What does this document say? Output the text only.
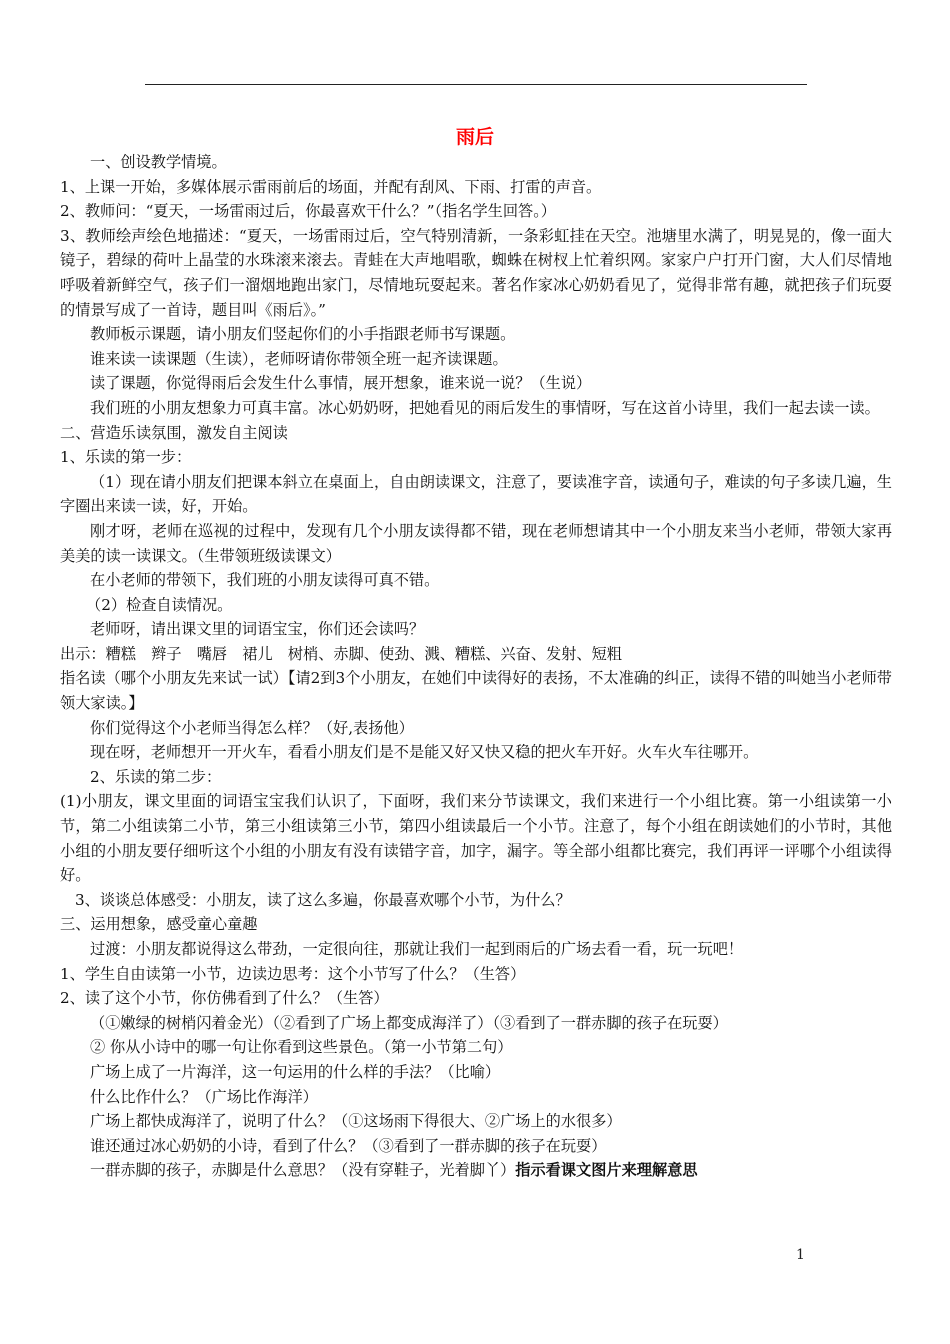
雨后

一、创设教学情境。

1、上课一开始，多媒体展示雷雨前后的场面，并配有刮风、下雨、打雷的声音。

2、教师问：“夏天，一场雷雨过后，你最喜欢干什么？”（指名学生回答。）

3、教师绘声绘色地描述：“夏天，一场雷雨过后，空气特别清新，一条彩虹挂在天空。池塘里水满了，明晃晃的，像一面大镜子，碧绿的荷叶上晶莹的水珠滚来滚去。青蛙在大声地唱歌，蜘蛛在树杈上忙着织网。家家户户打开门窗，大人们尽情地呼吸着新鲜空气，孩子们一溜烟地跑出家门，尽情地玩耍起来。著名作家冰心奶奶看见了，觉得非常有趣，就把孩子们玩耍的情景写成了一首诗，题目叫《雨后》。”

教师板示课题，请小朋友们竖起你们的小手指跟老师书写课题。

谁来读一读课题（生读），老师呀请你带领全班一起齐读课题。

读了课题，你觉得雨后会发生什么事情，展开想象，谁来说一说？（生说）

我们班的小朋友想象力可真丰富。冰心奶奶呀，把她看见的雨后发生的事情呀，写在这首小诗里，我们一起去读一读。

二、营造乐读氛围，激发自主阅读

1、乐读的第一步：

（1）现在请小朋友们把课本斜立在桌面上，自由朗读课文，注意了，要读准字音，读通句子，难读的句子多读几遍，生字圈出来读一读，好，开始。

刚才呀，老师在巡视的过程中，发现有几个小朋友读得都不错，现在老师想请其中一个小朋友来当小老师，带领大家再美美的读一读课文。（生带领班级读课文）

在小老师的带领下，我们班的小朋友读得可真不错。

（2）检查自读情况。

老师呀，请出课文里的词语宝宝，你们还会读吗？

出示：糟糕　辫子　嘴唇　裙儿　树梢、赤脚、使劲、溅、糟糕、兴奋、发射、短粗

指名读（哪个小朋友先来试一试）【请2到3个小朋友，在她们中读得好的表扬，不太准确的纠正，读得不错的叫她当小老师带领大家读。】

你们觉得这个小老师当得怎么样？（好,表扬他）

现在呀，老师想开一开火车，看看小朋友们是不是能又好又快又稳的把火车开好。火车火车往哪开。

2、乐读的第二步：

(1)小朋友，课文里面的词语宝宝我们认识了，下面呀，我们来分节读课文，我们来进行一个小组比赛。第一小组读第一小节，第二小组读第二小节，第三小组读第三小节，第四小组读最后一个小节。注意了，每个小组在朗读她们的小节时，其他小组的小朋友要仔细听这个小组的小朋友有没有读错字音，加字，漏字。等全部小组都比赛完，我们再评一评哪个小组读得好。

3、谈谈总体感受：小朋友，读了这么多遍，你最喜欢哪个小节，为什么？

三、运用想象，感受童心童趣

过渡：小朋友都说得这么带劲，一定很向往，那就让我们一起到雨后的广场去看一看，玩一玩吧！

1、学生自由读第一小节，边读边思考：这个小节写了什么？（生答）

2、读了这个小节，你仿佛看到了什么？（生答）

（①嫩绿的树梢闪着金光）（②看到了广场上都变成海洋了）（③看到了一群赤脚的孩子在玩耍）

② 你从小诗中的哪一句让你看到这些景色。（第一小节第二句）

广场上成了一片海洋，这一句运用的什么样的手法？（比喻）

什么比作什么？（广场比作海洋）

广场上都快成海洋了，说明了什么？（①这场雨下得很大、②广场上的水很多）

谁还通过冰心奶奶的小诗，看到了什么？（③看到了一群赤脚的孩子在玩耍）

一群赤脚的孩子，赤脚是什么意思？（没有穿鞋子，光着脚丫）指示看课文图片来理解意思

1
